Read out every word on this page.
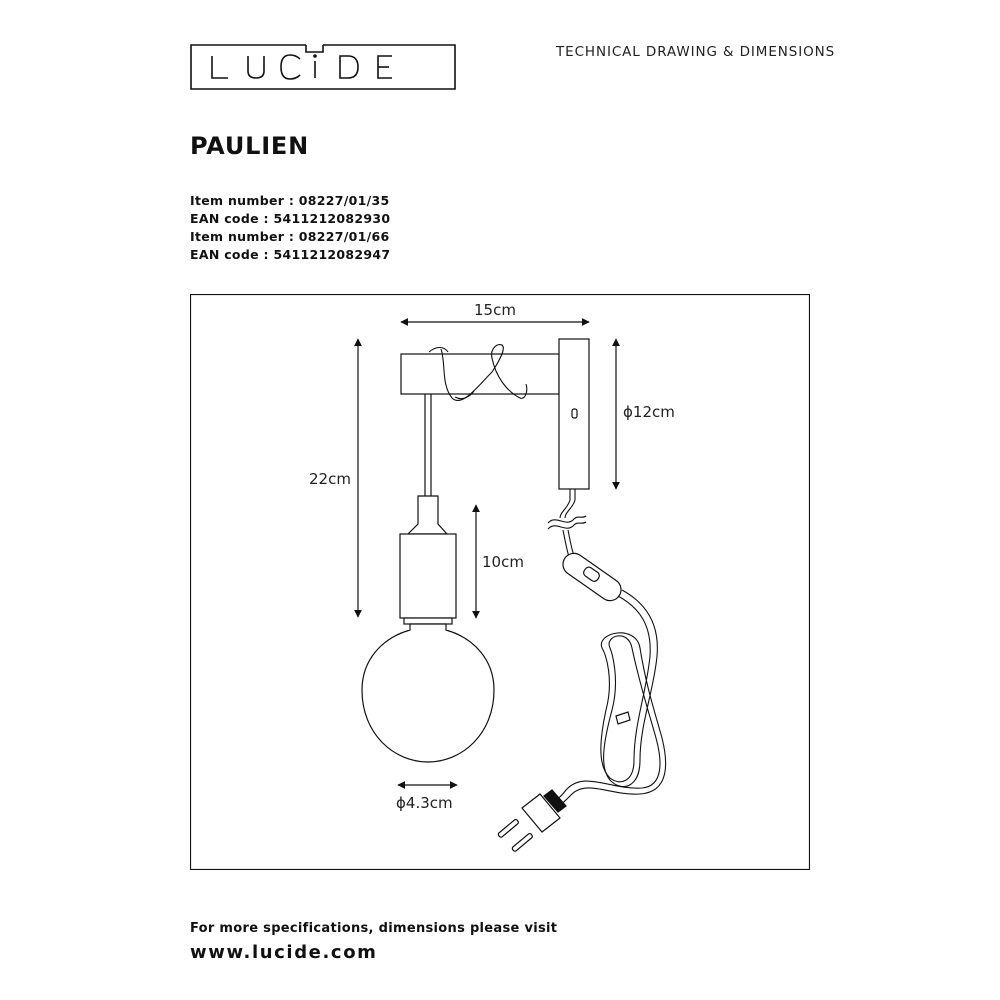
TECHNICAL DRAWING & DIMENSIONS
PAULIEN
Item number : 08227/01/35
EAN code : 5411212082930
Item number : 08227/01/66
EAN code : 5411212082947
15cm
22cm
ϕ12cm
10cm
ϕ4.3cm
For more specifications, dimensions please visit
www.lucide.com
